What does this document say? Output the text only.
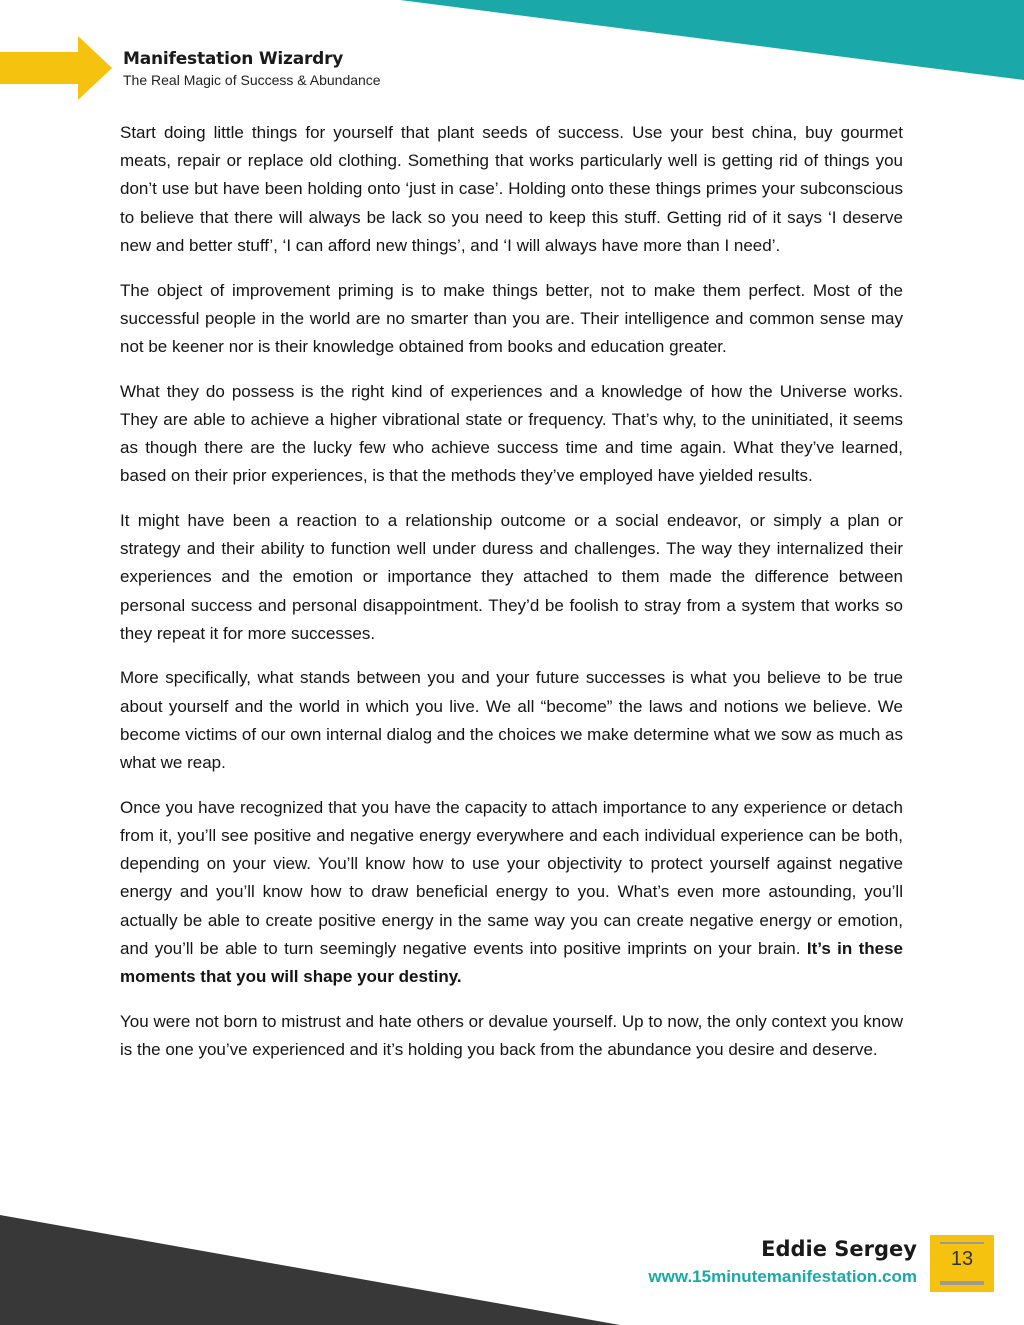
Manifestation Wizardry
The Real Magic of Success & Abundance

Start doing little things for yourself that plant seeds of success. Use your best china, buy gourmet meats, repair or replace old clothing. Something that works particularly well is getting rid of things you don’t use but have been holding onto ‘just in case’. Holding onto these things primes your subconscious to believe that there will always be lack so you need to keep this stuff. Getting rid of it says ‘I deserve new and better stuff’, ‘I can afford new things’, and ‘I will always have more than I need’.

The object of improvement priming is to make things better, not to make them perfect. Most of the successful people in the world are no smarter than you are. Their intelligence and common sense may not be keener nor is their knowledge obtained from books and education greater.

What they do possess is the right kind of experiences and a knowledge of how the Universe works. They are able to achieve a higher vibrational state or frequency. That’s why, to the uninitiated, it seems as though there are the lucky few who achieve success time and time again. What they’ve learned, based on their prior experiences, is that the methods they’ve employed have yielded results.

It might have been a reaction to a relationship outcome or a social endeavor, or simply a plan or strategy and their ability to function well under duress and challenges. The way they internalized their experiences and the emotion or importance they attached to them made the difference between personal success and personal disappointment. They’d be foolish to stray from a system that works so they repeat it for more successes.

More specifically, what stands between you and your future successes is what you believe to be true about yourself and the world in which you live. We all “become” the laws and notions we believe. We become victims of our own internal dialog and the choices we make determine what we sow as much as what we reap.

Once you have recognized that you have the capacity to attach importance to any experience or detach from it, you’ll see positive and negative energy everywhere and each individual experience can be both, depending on your view. You’ll know how to use your objectivity to protect yourself against negative energy and you’ll know how to draw beneficial energy to you. What’s even more astounding, you’ll actually be able to create positive energy in the same way you can create negative energy or emotion, and you’ll be able to turn seemingly negative events into positive imprints on your brain. It’s in these moments that you will shape your destiny.

You were not born to mistrust and hate others or devalue yourself. Up to now, the only context you know is the one you’ve experienced and it’s holding you back from the abundance you desire and deserve.

Eddie Sergey
www.15minutemanifestation.com
13
